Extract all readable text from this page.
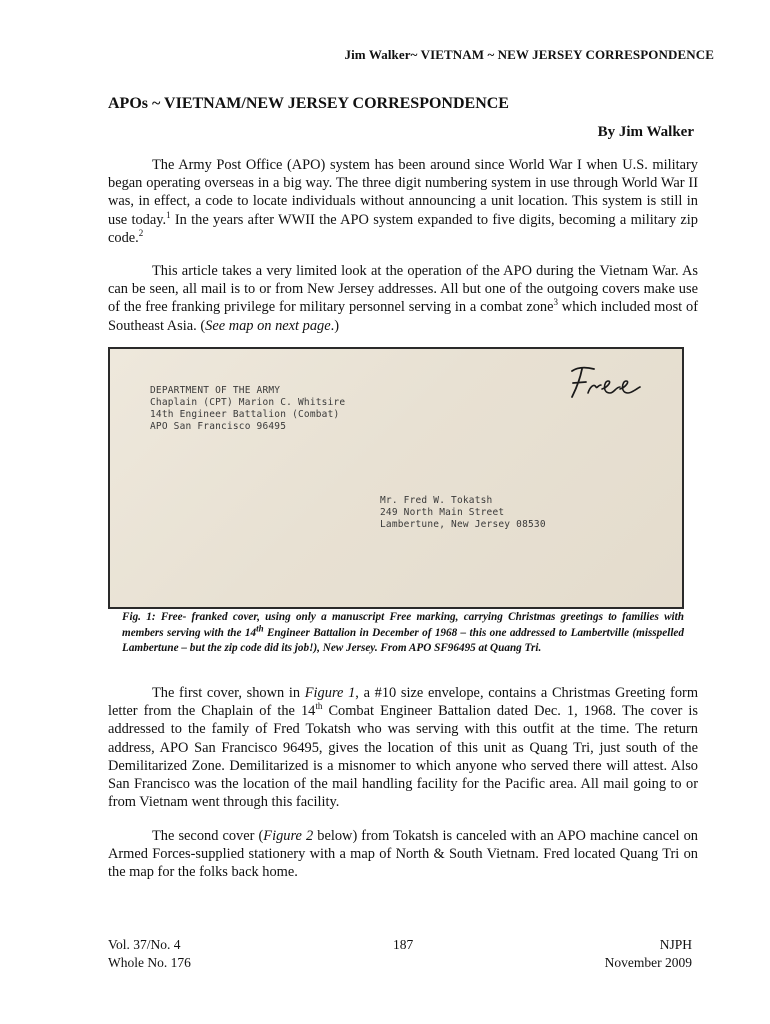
Jim Walker~ VIETNAM ~ NEW JERSEY CORRESPONDENCE
APOs ~ VIETNAM/NEW JERSEY CORRESPONDENCE
By Jim Walker

The Army Post Office (APO) system has been around since World War I when U.S. military began operating overseas in a big way. The three digit numbering system in use through World War II was, in effect, a code to locate individuals without announcing a unit location. This system is still in use today.$^1$ In the years after WWII the APO system expanded to five digits, becoming a military zip code.$^2$

This article takes a very limited look at the operation of the APO during the Vietnam War. As can be seen, all mail is to or from New Jersey addresses. All but one of the outgoing covers make use of the free franking privilege for military personnel serving in a combat zone$^3$ which included most of Southeast Asia. (See map on next page.)

DEPARTMENT OF THE ARMY
Chaplain (CPT) Marion C. Whitsire
14th Engineer Battalion (Combat)
APO San Francisco 96495
Mr. Fred W. Tokatsh
249 North Main Street
Lambertune, New Jersey 08530

Fig. 1: Free- franked cover, using only a manuscript Free marking, carrying Christmas greetings to families with members serving with the 14th Engineer Battalion in December of 1968 – this one addressed to Lambertville (misspelled Lambertune – but the zip code did its job!), New Jersey. From APO SF96495 at Quang Tri.

The first cover, shown in Figure 1, a #10 size envelope, contains a Christmas Greeting form letter from the Chaplain of the 14th Combat Engineer Battalion dated Dec. 1, 1968. The cover is addressed to the family of Fred Tokatsh who was serving with this outfit at the time. The return address, APO San Francisco 96495, gives the location of this unit as Quang Tri, just south of the Demilitarized Zone. Demilitarized is a misnomer to which anyone who served there will attest. Also San Francisco was the location of the mail handling facility for the Pacific area. All mail going to or from Vietnam went through this facility.

The second cover (Figure 2 below) from Tokatsh is canceled with an APO machine cancel on Armed Forces-supplied stationery with a map of North & South Vietnam. Fred located Quang Tri on the map for the folks back home.

Vol. 37/No. 4
Whole No. 176
187	NJPH
November 2009
